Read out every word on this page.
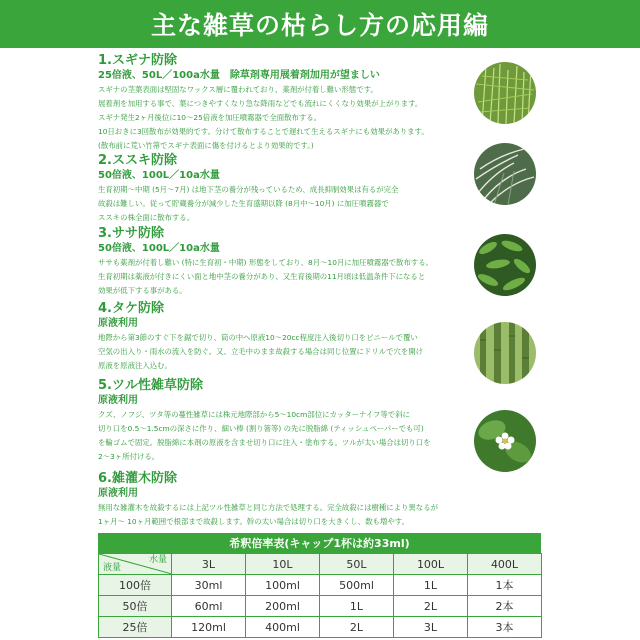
主な雑草の枯らし方の応用編
1.スギナ防除
25倍液、50L／100a水量　除草剤専用展着剤加用が望ましい
スギナの茎葉表面は堅固なワックス層に覆われており、薬剤が付着し難い形態です。
展着剤を加用する事で、葉につきやすくなり急な降雨などでも流れにくくなり効果が上がります。
スギナ発生2ヶ月後位に10～25倍液を加圧噴霧器で全面散布する。
10日おきに3回散布が効果的です。分けて散布することで遅れて生えるスギナにも効果があります。
(散布前に荒い竹箒でスギナ表面に傷を付けるとより効果的です。)
2.ススキ防除
50倍液、100L／10a水量
生育初期～中期 (5月～7月) は地下茎の養分が残っているため、成長抑制効果は有るが完全
故殺は難しい。従って貯蔵養分が減少した生育盛期以降 (8月中～10月) に加圧噴霧器で
ススキの株全面に散布する。
3.ササ防除
50倍液、100L／10a水量
ササも薬剤が付着し難い (特に生育初・中期) 形態をしており、8月～10月に加圧噴霧器で散布する。
生育初期は薬液が付きにくい面と地中茎の養分があり、又生育後期の11月頃は低温条件下になると
効果が低下する事がある。
4.タケ防除
原液利用
地際から第3節のすぐ下を鋸で切り、筒の中へ原液10～20cc程度注入後切り口をビニールで覆い
空気の出入り・雨水の流入を防ぐ。又、立毛中のまま故殺する場合は同じ位置にドリルで穴を開け
原液を原液注入込む。
5.ツル性雑草防除
原液利用
クズ、ノフジ、ツタ等の蔓性雑草には株元地際部から5～10cm部位にカッターナイフ等で斜に
切り口を0.5～1.5cmの深さに作り、細い棒 (割り箸等) の先に脱脂綿 (ティッシュペーパーでも可)
を輪ゴムで固定。脱脂綿に本剤の原液を含ませ切り口に注入・塗布する。ツルが太い場合は切り口を
2～3ヶ所付ける。
6.雑灌木防除
原液利用
無用な雑灌木を故殺するには上記ツル性雑草と同じ方法で処理する。完全故殺には樹種により異なるが
1ヶ月～ 10ヶ月範囲で根部まで故殺します。幹の太い場合は切り口を大きくし、数も増やす。
希釈倍率表(キャップ1杯は約33ml)
水量
液量	3L	10L	50L	100L	400L
100倍	30ml	100ml	500ml	1L	1本
50倍	60ml	200ml	1L	2L	2本
25倍	120ml	400ml	2L	3L	3本
